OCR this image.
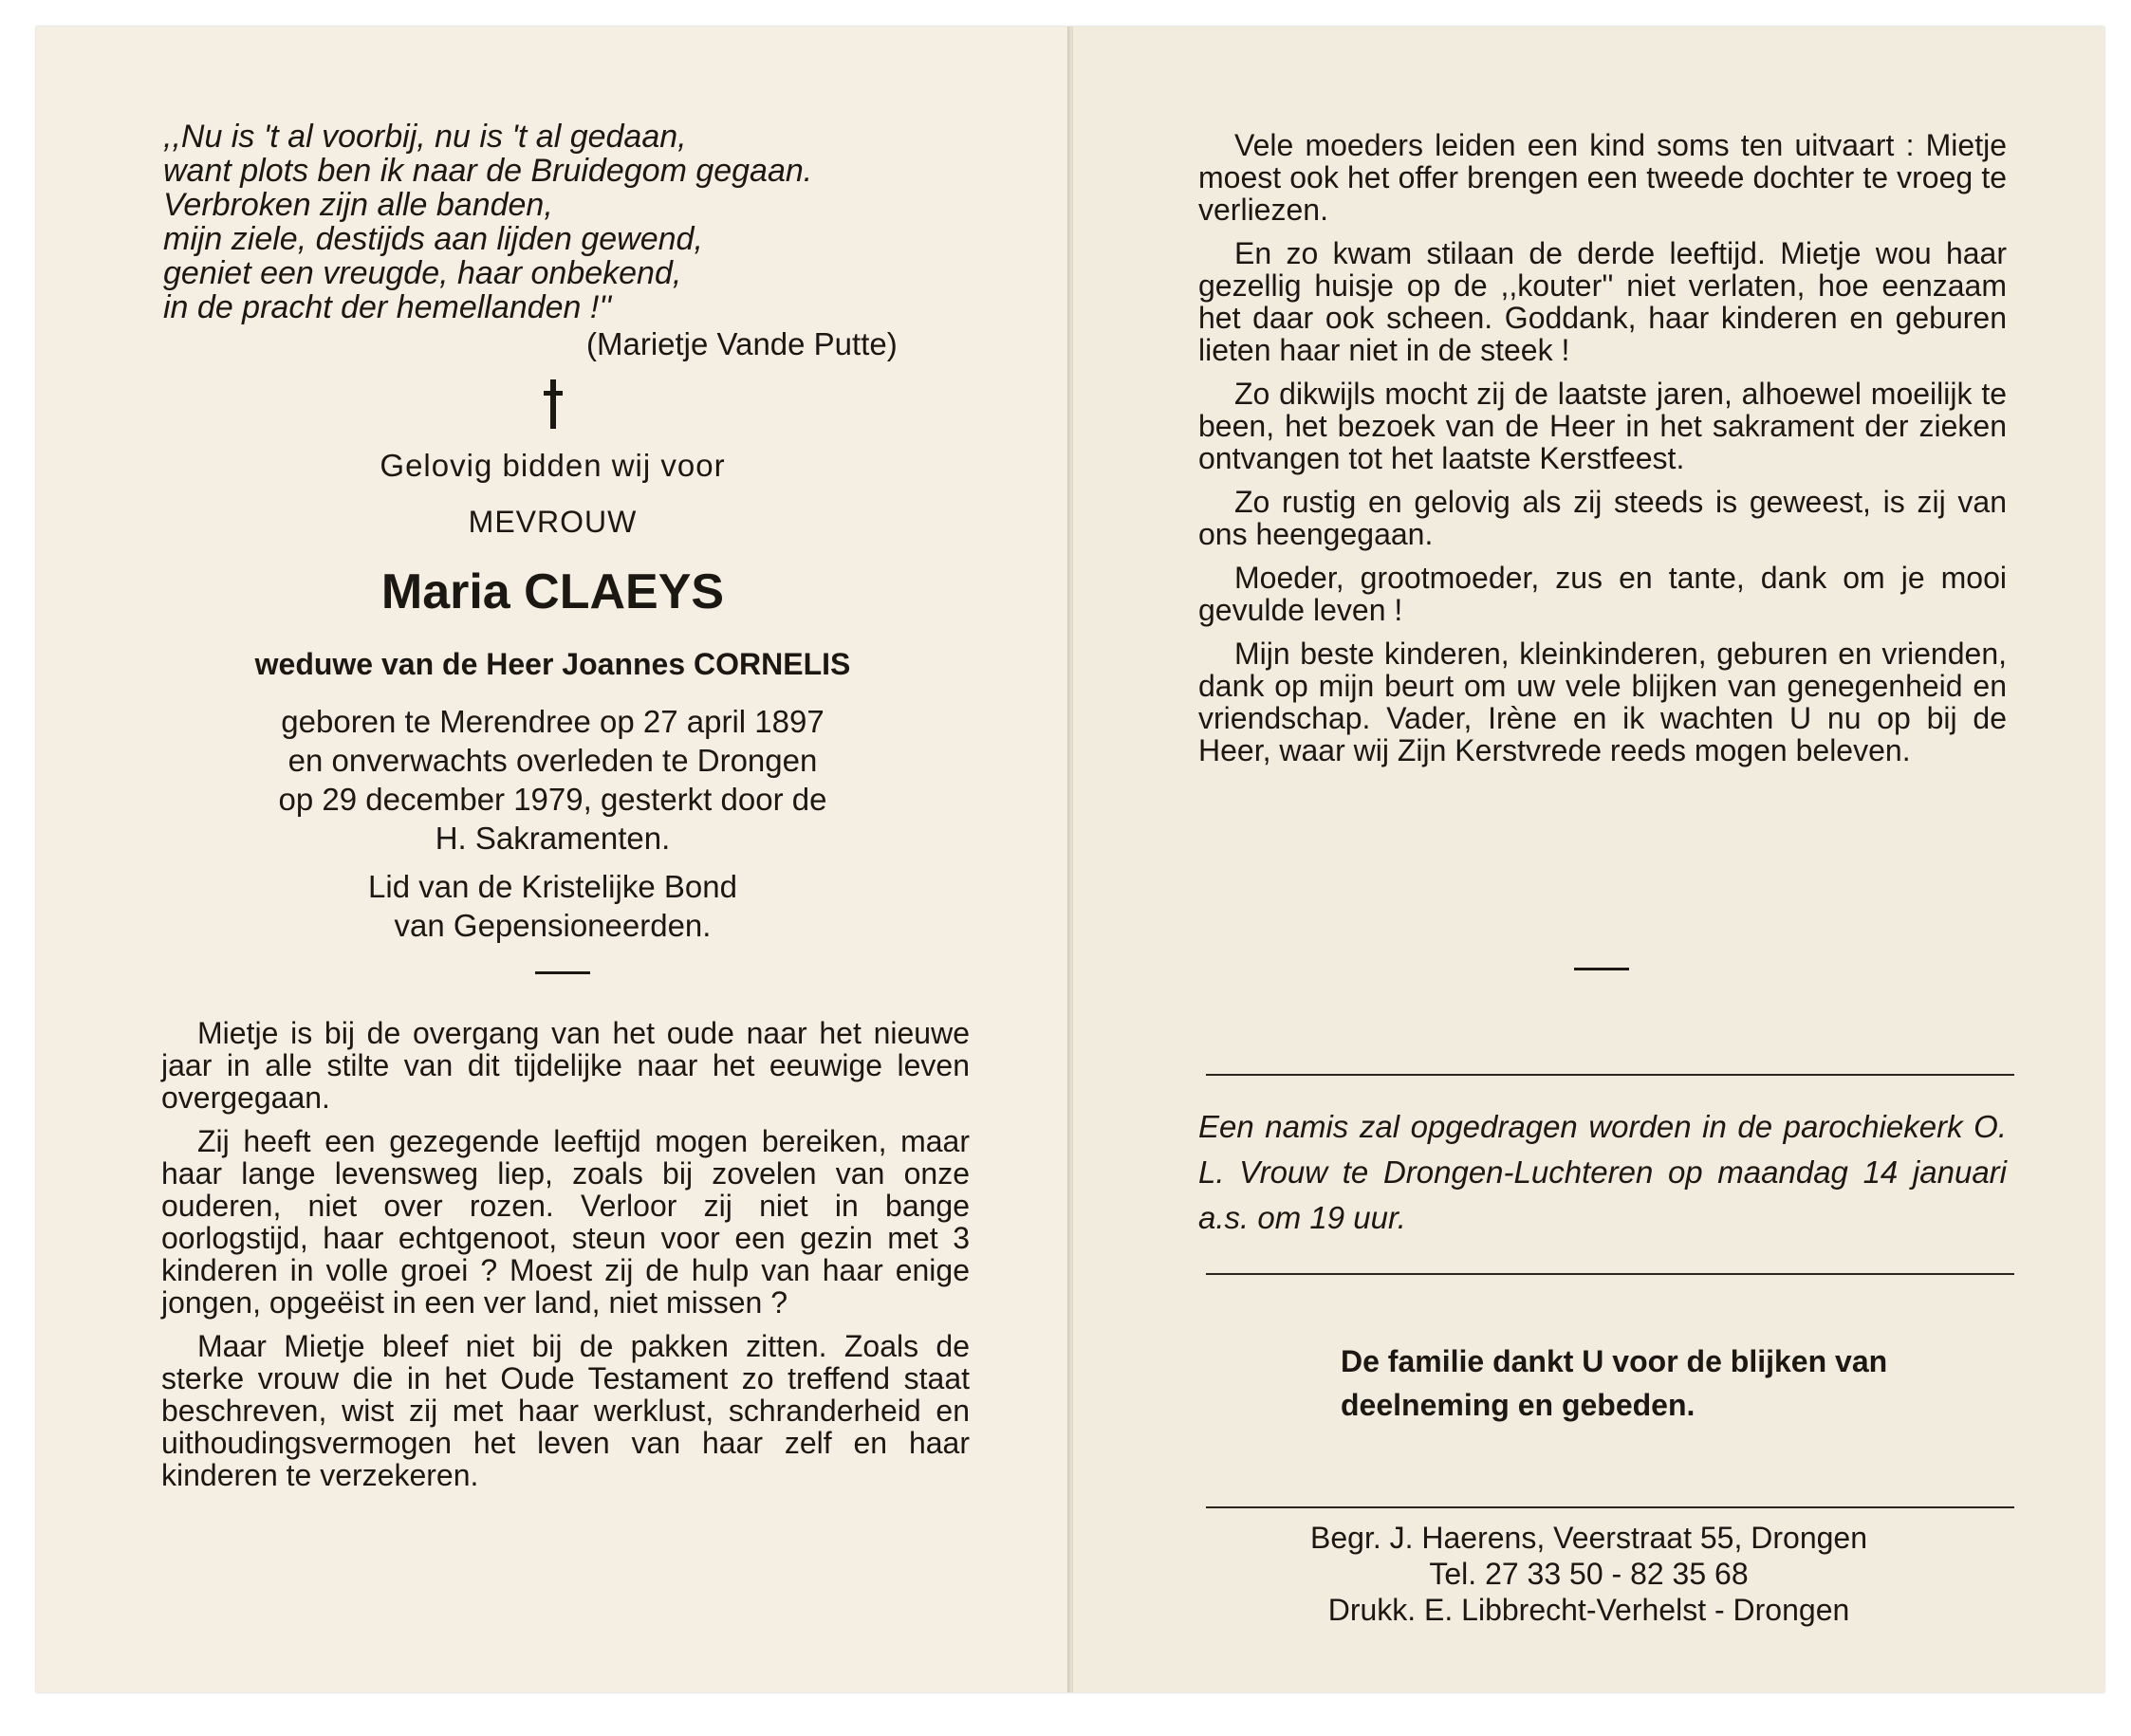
,,Nu is 't al voorbij, nu is 't al gedaan,
want plots ben ik naar de Bruidegom gegaan.
Verbroken zijn alle banden,
mijn ziele, destijds aan lijden gewend,
geniet een vreugde, haar onbekend,
in de pracht der hemellanden !''
(Marietje Vande Putte)
Gelovig bidden wij voor
MEVROUW
Maria CLAEYS
weduwe van de Heer Joannes CORNELIS
geboren te Merendree op 27 april 1897
en onverwachts overleden te Drongen
op 29 december 1979, gesterkt door de
H. Sakramenten.
Lid van de Kristelijke Bond
van Gepensioneerden.

Mietje is bij de overgang van het oude naar het nieuwe jaar in alle stilte van dit tijdelijke naar het eeuwige leven overgegaan.

Zij heeft een gezegende leeftijd mogen bereiken, maar haar lange levensweg liep, zoals bij zovelen van onze ouderen, niet over rozen. Verloor zij niet in bange oorlogstijd, haar echtgenoot, steun voor een gezin met 3 kinderen in volle groei ? Moest zij de hulp van haar enige jongen, opgeëist in een ver land, niet missen ?

Maar Mietje bleef niet bij de pakken zitten. Zoals de sterke vrouw die in het Oude Testament zo treffend staat beschreven, wist zij met haar werklust, schranderheid en uithoudingsvermogen het leven van haar zelf en haar kinderen te verzekeren.

Vele moeders leiden een kind soms ten uitvaart : Mietje moest ook het offer brengen een tweede dochter te vroeg te verliezen.

En zo kwam stilaan de derde leeftijd. Mietje wou haar gezellig huisje op de ,,kouter'' niet verlaten, hoe eenzaam het daar ook scheen. Goddank, haar kinderen en geburen lieten haar niet in de steek !

Zo dikwijls mocht zij de laatste jaren, alhoewel moeilijk te been, het bezoek van de Heer in het sakrament der zieken ontvangen tot het laatste Kerstfeest.

Zo rustig en gelovig als zij steeds is geweest, is zij van ons heengegaan.

Moeder, grootmoeder, zus en tante, dank om je mooi gevulde leven !

Mijn beste kinderen, kleinkinderen, geburen en vrienden, dank op mijn beurt om uw vele blijken van genegenheid en vriendschap. Vader, Irène en ik wachten U nu op bij de Heer, waar wij Zijn Kerstvrede reeds mogen beleven.

Een namis zal opgedragen worden in de parochiekerk O. L. Vrouw te Drongen-Luchteren op maandag 14 januari a.s. om 19 uur.
De familie dankt U voor de blijken van deelneming en gebeden.
Begr. J. Haerens, Veerstraat 55, Drongen
Tel. 27 33 50 - 82 35 68
Drukk. E. Libbrecht-Verhelst - Drongen
